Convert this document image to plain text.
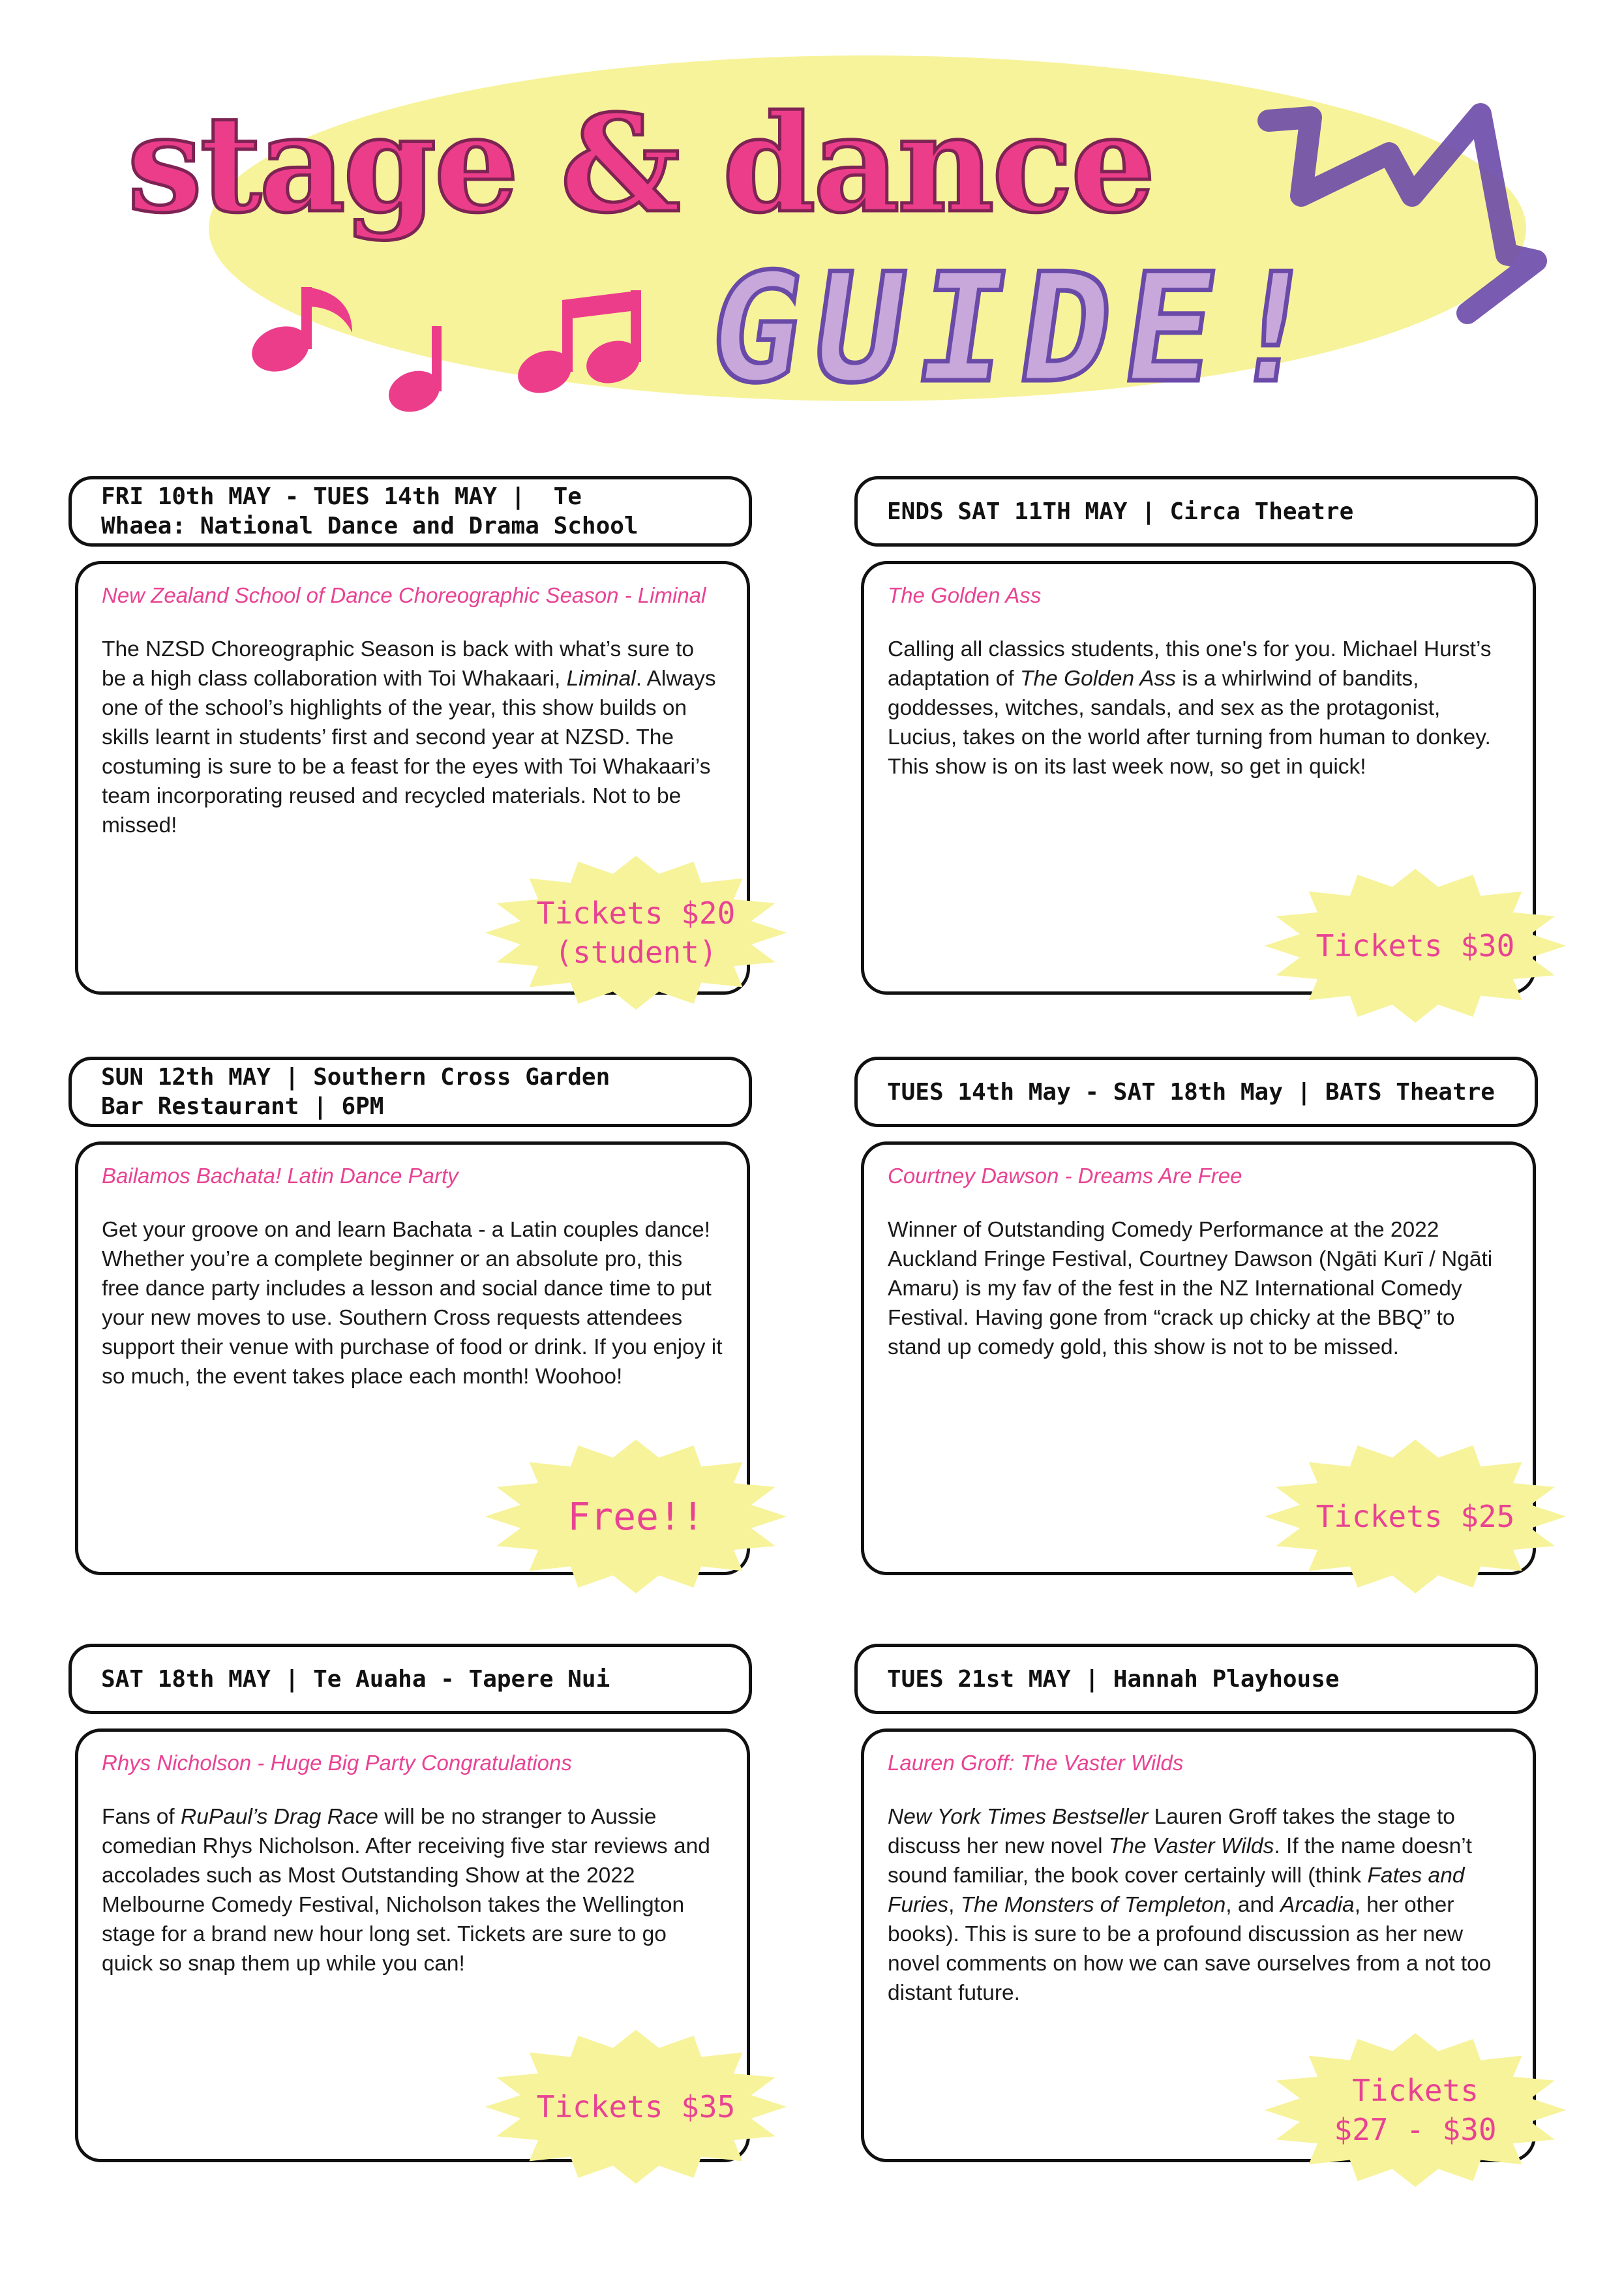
stage & dance
GUIDE!
FRI 10th MAY - TUES 14th MAY |  Te
Whaea: National Dance and Drama School

New Zealand School of Dance Choreographic Season - Liminal

The NZSD Choreographic Season is back with what’s sure to be a high class collaboration with Toi Whakaari, Liminal. Always one of the school’s highlights of the year, this show builds on skills learnt in students’ first and second year at NZSD. The costuming is sure to be a feast for the eyes with Toi Whakaari’s team incorporating reused and recycled materials. Not to be missed!

Tickets $20
(student)
ENDS SAT 11TH MAY | Circa Theatre

The Golden Ass

Calling all classics students, this one's for you. Michael Hurst’s adaptation of The Golden Ass is a whirlwind of bandits, goddesses, witches, sandals, and sex as the protagonist, Lucius, takes on the world after turning from human to donkey. This show is on its last week now, so get in quick!

Tickets $30
SUN 12th MAY | Southern Cross Garden
Bar Restaurant | 6PM

Bailamos Bachata! Latin Dance Party

Get your groove on and learn Bachata - a Latin couples dance! Whether you’re a complete beginner or an absolute pro, this free dance party includes a lesson and social dance time to put your new moves to use. Southern Cross requests attendees support their venue with purchase of food or drink. If you enjoy it so much, the event takes place each month! Woohoo!

Free!!
TUES 14th May - SAT 18th May | BATS Theatre

Courtney Dawson - Dreams Are Free

Winner of Outstanding Comedy Performance at the 2022 Auckland Fringe Festival, Courtney Dawson (Ngāti Kurī / Ngāti Amaru) is my fav of the fest in the NZ International Comedy Festival. Having gone from “crack up chicky at the BBQ” to stand up comedy gold, this show is not to be missed.

Tickets $25
SAT 18th MAY | Te Auaha - Tapere Nui

Rhys Nicholson - Huge Big Party Congratulations

Fans of RuPaul’s Drag Race will be no stranger to Aussie comedian Rhys Nicholson. After receiving five star reviews and accolades such as Most Outstanding Show at the 2022 Melbourne Comedy Festival, Nicholson takes the Wellington stage for a brand new hour long set. Tickets are sure to go quick so snap them up while you can!

Tickets $35
TUES 21st MAY | Hannah Playhouse

Lauren Groff: The Vaster Wilds

New York Times Bestseller Lauren Groff takes the stage to discuss her new novel The Vaster Wilds. If the name doesn’t sound familiar, the book cover certainly will (think Fates and Furies, The Monsters of Templeton, and Arcadia, her other books). This is sure to be a profound discussion as her new novel comments on how we can save ourselves from a not too distant future.

Tickets
$27 - $30
